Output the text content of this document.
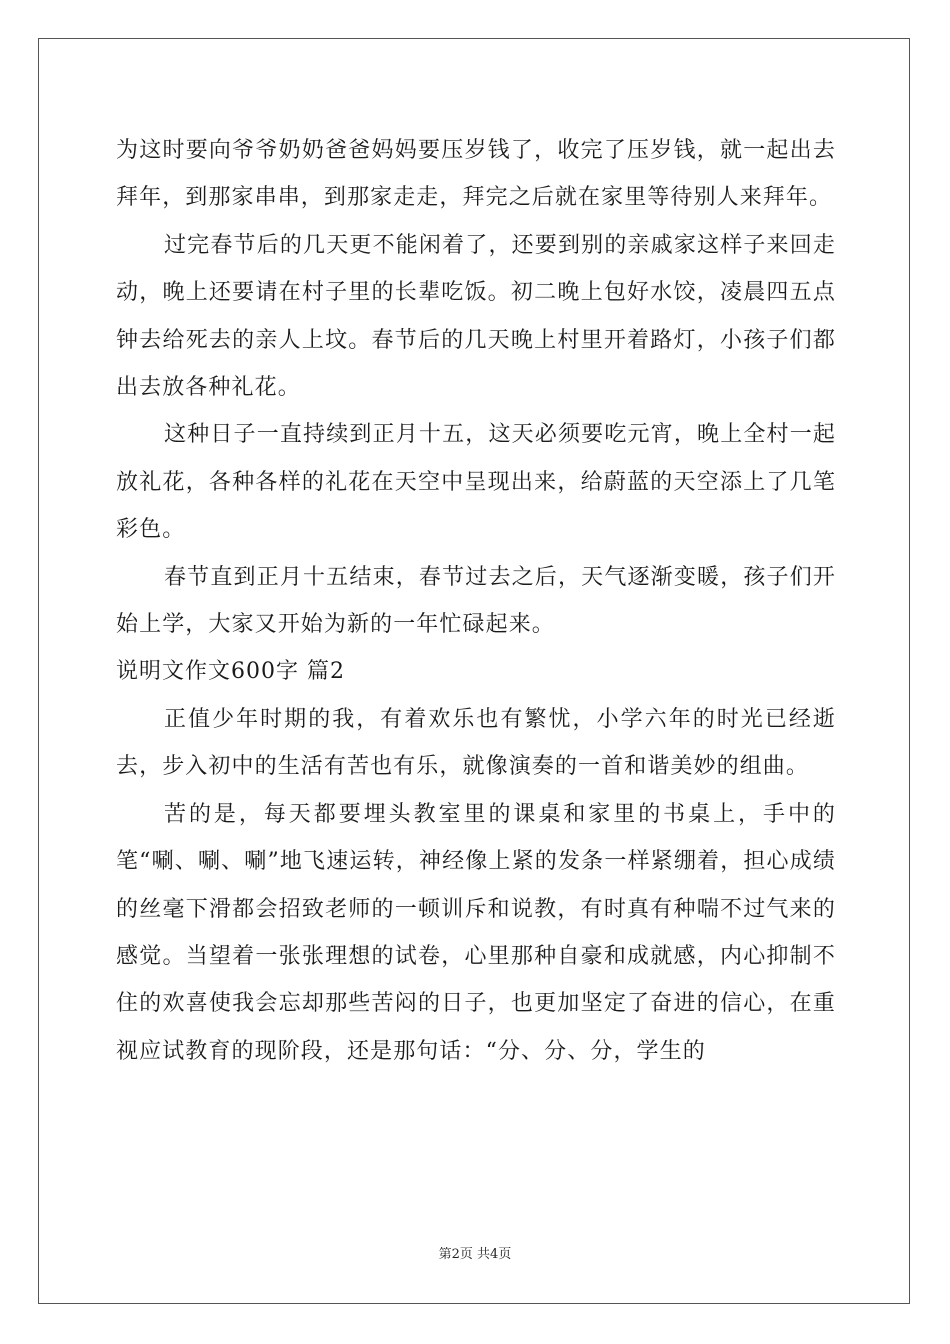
为这时要向爷爷奶奶爸爸妈妈要压岁钱了，收完了压岁钱，就一起出去拜年，到那家串串，到那家走走，拜完之后就在家里等待别人来拜年。

过完春节后的几天更不能闲着了，还要到别的亲戚家这样子来回走动，晚上还要请在村子里的长辈吃饭。初二晚上包好水饺，凌晨四五点钟去给死去的亲人上坟。春节后的几天晚上村里开着路灯，小孩子们都出去放各种礼花。

这种日子一直持续到正月十五，这天必须要吃元宵，晚上全村一起放礼花，各种各样的礼花在天空中呈现出来，给蔚蓝的天空添上了几笔彩色。

春节直到正月十五结束，春节过去之后，天气逐渐变暖，孩子们开始上学，大家又开始为新的一年忙碌起来。

说明文作文600字 篇2

正值少年时期的我，有着欢乐也有繁忧，小学六年的时光已经逝去，步入初中的生活有苦也有乐，就像演奏的一首和谐美妙的组曲。

苦的是，每天都要埋头教室里的课桌和家里的书桌上，手中的笔“唰、唰、唰”地飞速运转，神经像上紧的发条一样紧绷着，担心成绩的丝毫下滑都会招致老师的一顿训斥和说教，有时真有种喘不过气来的感觉。当望着一张张理想的试卷，心里那种自豪和成就感，内心抑制不住的欢喜使我会忘却那些苦闷的日子，也更加坚定了奋进的信心，在重视应试教育的现阶段，还是那句话：“分、分、分，学生的

第2页 共4页
